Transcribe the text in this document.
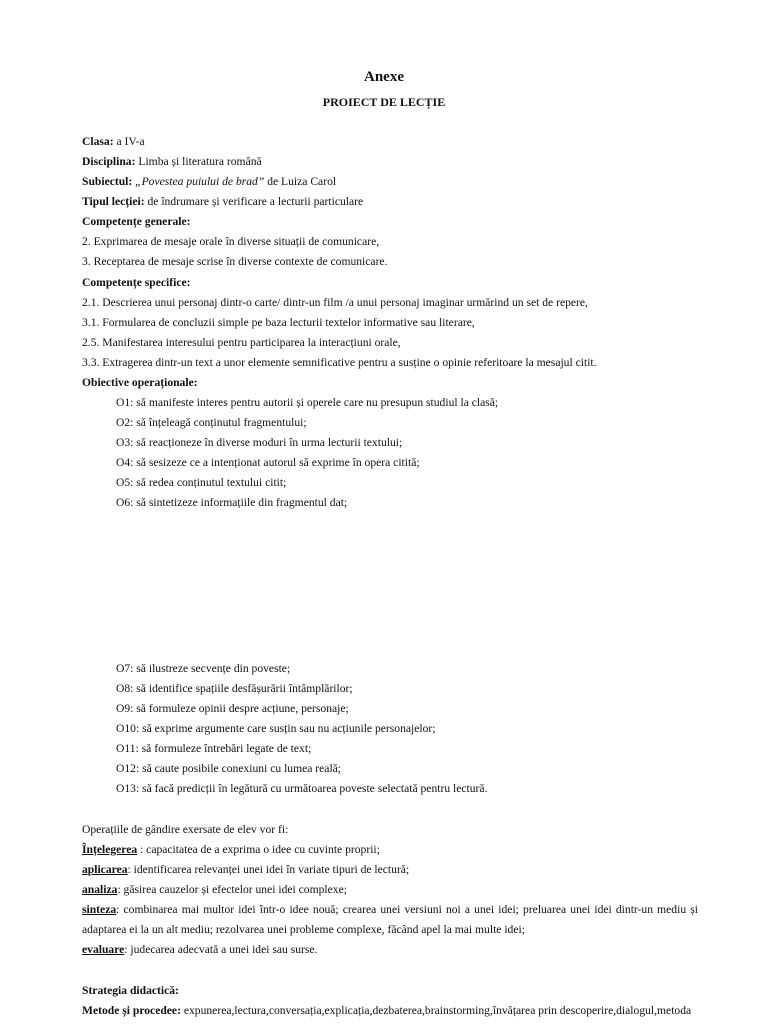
Anexe
PROIECT DE LECȚIE
Clasa: a IV-a
Disciplina: Limba și literatura română
Subiectul: „Povestea puiului de brad” de Luiza Carol
Tipul lecției: de îndrumare și verificare a lecturii particulare
Competențe generale:
2. Exprimarea de mesaje orale în diverse situații de comunicare,
3. Receptarea de mesaje scrise în diverse contexte de comunicare.
Competențe specifice:
2.1. Descrierea unui personaj dintr-o carte/ dintr-un film /a unui personaj imaginar urmărind un set de repere,
3.1. Formularea de concluzii simple pe baza lecturii textelor informative sau literare,
2.5. Manifestarea interesului pentru participarea la interacțiuni orale,
3.3. Extragerea dintr-un text a unor elemente semnificative pentru a susține o opinie referitoare la mesajul citit.
Obiective operaționale:
O1: să manifeste interes pentru autorii și operele care nu presupun studiul la clasă;
O2: să înțeleagă conținutul fragmentului;
O3: să reacționeze în diverse moduri în urma lecturii textului;
O4: să sesizeze ce a intenționat autorul să exprime în opera citită;
O5: să redea conținutul textului citit;
O6: să sintetizeze informațiile din fragmentul dat;
O7: să ilustreze secvențe din poveste;
O8: să identifice spațiile desfășurării întâmplărilor;
O9: să formuleze opinii despre acțiune, personaje;
O10: să exprime argumente care susțin sau nu acțiunile personajelor;
O11: să formuleze întrebări legate de text;
O12: să caute posibile conexiuni cu lumea reală;
O13: să facă predicții în legătură cu următoarea poveste selectată pentru lectură.
Operațiile de gândire exersate de elev vor fi:
Înțelegerea : capacitatea de a exprima o idee cu cuvinte proprii;
aplicarea: identificarea relevanței unei idei în variate tipuri de lectură;
analiza: găsirea cauzelor și efectelor unei idei complexe;
sinteza: combinarea mai multor idei într-o idee nouă; crearea unei versiuni noi a unei idei; preluarea unei idei dintr-un mediu și
adaptarea ei la un alt mediu; rezolvarea unei probleme complexe, făcând apel la mai multe idei;
evaluare: judecarea adecvată a unei idei sau surse.
Strategia didactică:
Metode și procedee: expunerea,lectura,conversația,explicația,dezbaterea,brainstorming,învățarea prin descoperire,dialogul,metoda
